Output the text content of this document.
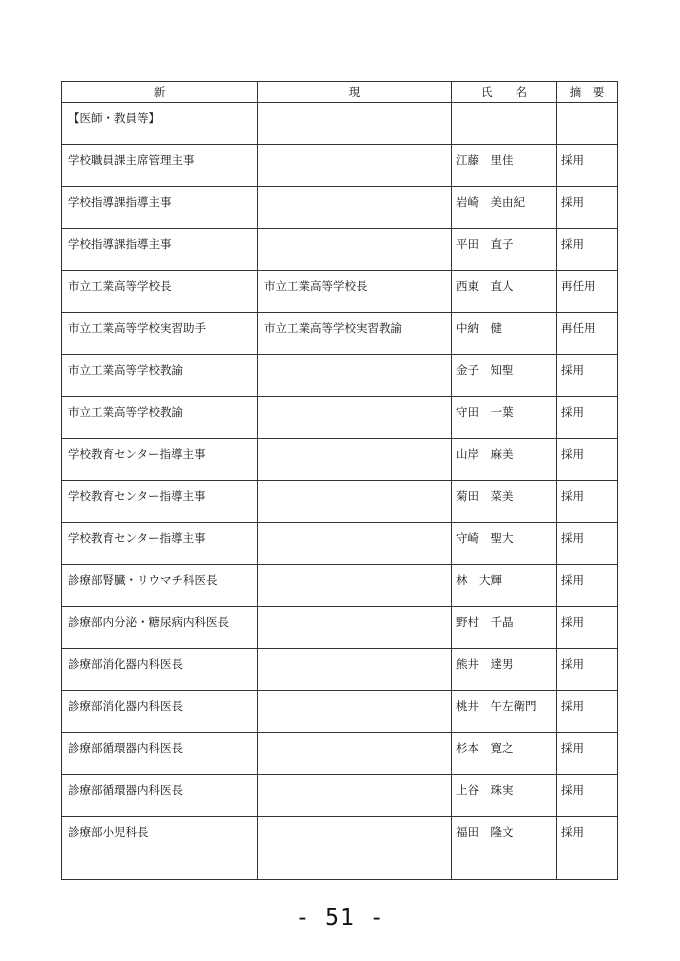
新	現	氏　　名	摘　要

【医師・教員等】			

学校職員課主席管理主事		江藤　里佳	採用

学校指導課指導主事		岩崎　美由紀	採用

学校指導課指導主事		平田　直子	採用

市立工業高等学校長	市立工業高等学校長	西東　直人	再任用

市立工業高等学校実習助手	市立工業高等学校実習教諭	中納　健	再任用

市立工業高等学校教諭		金子　知聖	採用

市立工業高等学校教諭		守田　一葉	採用

学校教育センター指導主事		山岸　麻美	採用

学校教育センター指導主事		菊田　菜美	採用

学校教育センター指導主事		守崎　聖大	採用

診療部腎臓・リウマチ科医長		林　大輝	採用

診療部内分泌・糖尿病内科医長		野村　千晶	採用

診療部消化器内科医長		熊井　達男	採用

診療部消化器内科医長		桃井　午左衛門	採用

診療部循環器内科医長		杉本　寛之	採用

診療部循環器内科医長		上谷　珠実	採用

診療部小児科長		福田　隆文	採用
- 51 -
